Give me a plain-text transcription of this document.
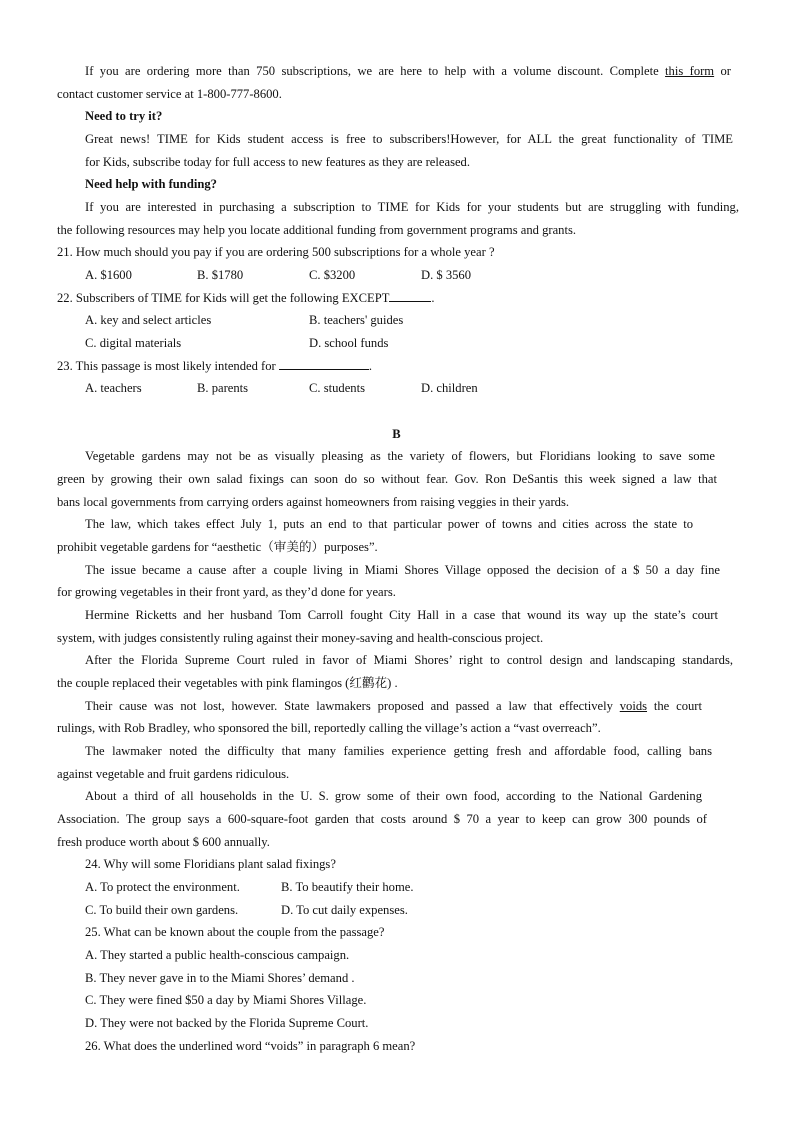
If you are ordering more than 750 subscriptions, we are here to help with a volume discount. Complete this form or
contact customer service at 1-800-777-8600.
Need to try it?
Great news! TIME for Kids student access is free to subscribers!However, for ALL the great functionality of TIME
for Kids, subscribe today for full access to new features as they are released.
Need help with funding?
If you are interested in purchasing a subscription to TIME for Kids for your students but are struggling with funding,
the following resources may help you locate additional funding from government programs and grants.
21. How much should you pay if you are ordering 500 subscriptions for a whole year ?
A. $1600	B. $1780	C. $3200	D. $ 3560
22. Subscribers of TIME for Kids will get the following EXCEPT	.
A. key and select articles	B. teachers' guides
C. digital materials	D. school funds
23. This passage is most likely intended for	.
A. teachers	B. parents	C. students	D. children
B
Vegetable gardens may not be as visually pleasing as the variety of flowers, but Floridians looking to save some
green by growing their own salad fixings can soon do so without fear. Gov. Ron DeSantis this week signed a law that
bans local governments from carrying orders against homeowners from raising veggies in their yards.
The law, which takes effect July 1, puts an end to that particular power of towns and cities across the state to
prohibit vegetable gardens for “aesthetic（审美的）purposes”.
The issue became a cause after a couple living in Miami Shores Village opposed the decision of a $ 50 a day fine
for growing vegetables in their front yard, as they’d done for years.
Hermine Ricketts and her husband Tom Carroll fought City Hall in a case that wound its way up the state’s court
system, with judges consistently ruling against their money-saving and health-conscious project.
After the Florida Supreme Court ruled in favor of Miami Shores’ right to control design and landscaping standards,
the couple replaced their vegetables with pink flamingos (红鹳花) .
Their cause was not lost, however. State lawmakers proposed and passed a law that effectively voids the court
rulings, with Rob Bradley, who sponsored the bill, reportedly calling the village’s action a “vast overreach”.
The lawmaker noted the difficulty that many families experience getting fresh and affordable food, calling bans
against vegetable and fruit gardens ridiculous.
About a third of all households in the U. S. grow some of their own food, according to the National Gardening
Association. The group says a 600-square-foot garden that costs around $ 70 a year to keep can grow 300 pounds of
fresh produce worth about $ 600 annually.
24. Why will some Floridians plant salad fixings?
A. To protect the environment.	B. To beautify their home.
C. To build their own gardens.	D. To cut daily expenses.
25. What can be known about the couple from the passage?
A. They started a public health-conscious campaign.
B. They never gave in to the Miami Shores’ demand .
C. They were fined $50 a day by Miami Shores Village.
D. They were not backed by the Florida Supreme Court.
26. What does the underlined word “voids” in paragraph 6 mean?
